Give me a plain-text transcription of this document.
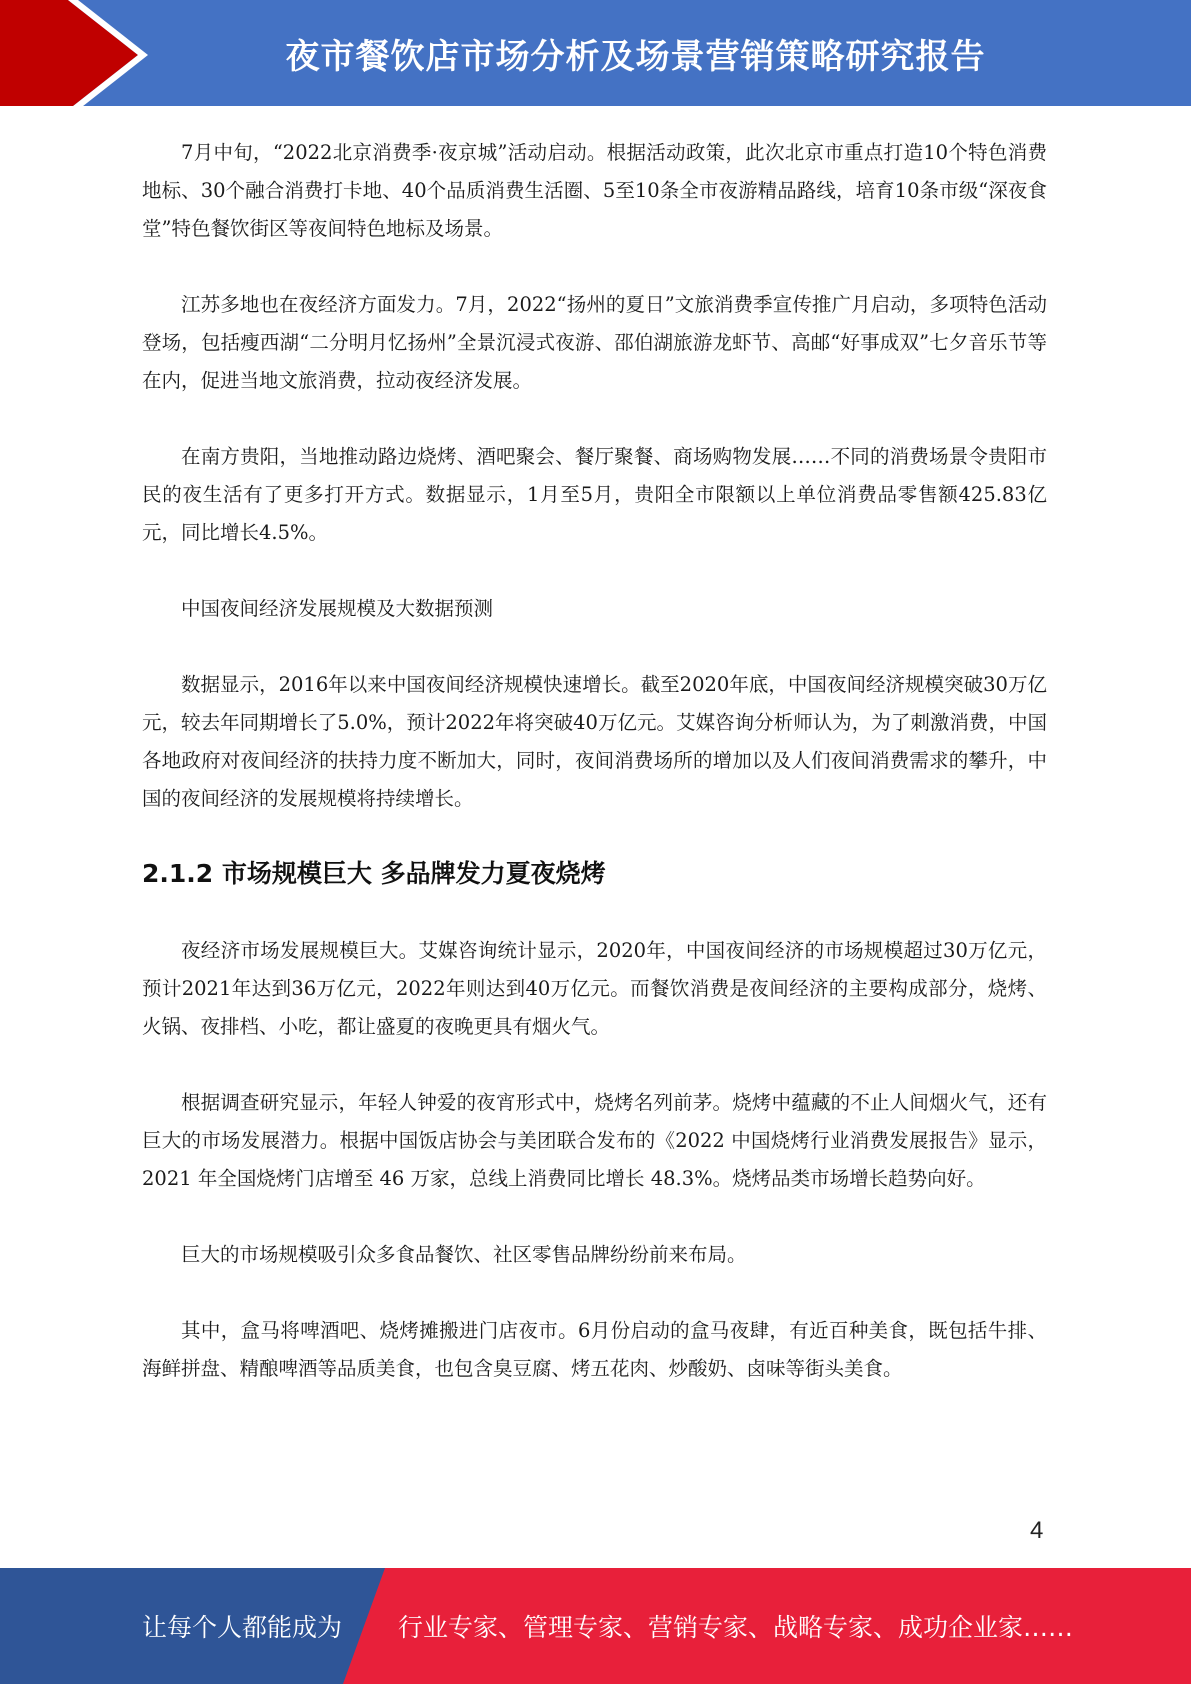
夜市餐饮店市场分析及场景营销策略研究报告

7月中旬，“2022北京消费季·夜京城”活动启动。根据活动政策，此次北京市重点打造10个特色消费地标、30个融合消费打卡地、40个品质消费生活圈、5至10条全市夜游精品路线，培育10条市级“深夜食堂”特色餐饮街区等夜间特色地标及场景。

江苏多地也在夜经济方面发力。7月，2022“扬州的夏日”文旅消费季宣传推广月启动，多项特色活动登场，包括瘦西湖“二分明月忆扬州”全景沉浸式夜游、邵伯湖旅游龙虾节、高邮“好事成双”七夕音乐节等在内，促进当地文旅消费，拉动夜经济发展。

在南方贵阳，当地推动路边烧烤、酒吧聚会、餐厅聚餐、商场购物发展……不同的消费场景令贵阳市民的夜生活有了更多打开方式。数据显示，1月至5月，贵阳全市限额以上单位消费品零售额425.83亿元，同比增长4.5%。

中国夜间经济发展规模及大数据预测

数据显示，2016年以来中国夜间经济规模快速增长。截至2020年底，中国夜间经济规模突破30万亿元，较去年同期增长了5.0%，预计2022年将突破40万亿元。艾媒咨询分析师认为，为了刺激消费，中国各地政府对夜间经济的扶持力度不断加大，同时，夜间消费场所的增加以及人们夜间消费需求的攀升，中国的夜间经济的发展规模将持续增长。

2.1.2 市场规模巨大 多品牌发力夏夜烧烤

夜经济市场发展规模巨大。艾媒咨询统计显示，2020年，中国夜间经济的市场规模超过30万亿元，预计2021年达到36万亿元，2022年则达到40万亿元。而餐饮消费是夜间经济的主要构成部分，烧烤、火锅、夜排档、小吃，都让盛夏的夜晚更具有烟火气。

根据调查研究显示，年轻人钟爱的夜宵形式中，烧烤名列前茅。烧烤中蕴藏的不止人间烟火气，还有巨大的市场发展潜力。根据中国饭店协会与美团联合发布的《2022 中国烧烤行业消费发展报告》显示，2021 年全国烧烤门店增至 46 万家，总线上消费同比增长 48.3%。烧烤品类市场增长趋势向好。

巨大的市场规模吸引众多食品餐饮、社区零售品牌纷纷前来布局。

其中，盒马将啤酒吧、烧烤摊搬进门店夜市。6月份启动的盒马夜肆，有近百种美食，既包括牛排、海鲜拼盘、精酿啤酒等品质美食，也包含臭豆腐、烤五花肉、炒酸奶、卤味等街头美食。

4
让每个人都能成为 行业专家、管理专家、营销专家、战略专家、成功企业家……
